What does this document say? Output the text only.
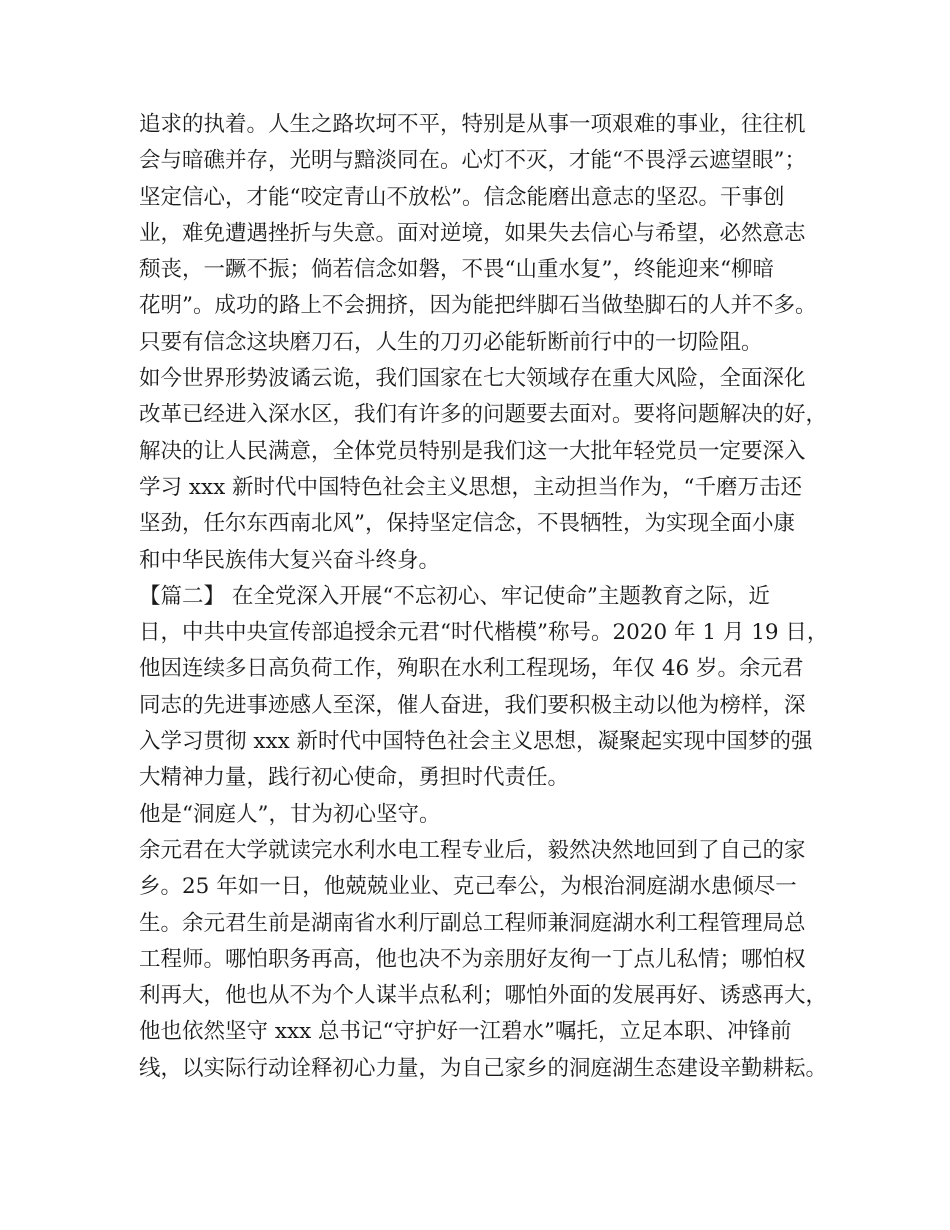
追求的执着。人生之路坎坷不平，特别是从事一项艰难的事业，往往机
会与暗礁并存，光明与黯淡同在。心灯不灭，才能“不畏浮云遮望眼”；
坚定信心，才能“咬定青山不放松”。信念能磨出意志的坚忍。干事创
业，难免遭遇挫折与失意。面对逆境，如果失去信心与希望，必然意志
颓丧，一蹶不振；倘若信念如磐，不畏“山重水复”，终能迎来“柳暗
花明”。成功的路上不会拥挤，因为能把绊脚石当做垫脚石的人并不多。
只要有信念这块磨刀石，人生的刀刃必能斩断前行中的一切险阻。

如今世界形势波谲云诡，我们国家在七大领域存在重大风险，全面深化
改革已经进入深水区，我们有许多的问题要去面对。要将问题解决的好，
解决的让人民满意，全体党员特别是我们这一大批年轻党员一定要深入
学习 xxx 新时代中国特色社会主义思想，主动担当作为，“千磨万击还
坚劲，任尔东西南北风”，保持坚定信念，不畏牺牲，为实现全面小康
和中华民族伟大复兴奋斗终身。

【篇二】 在全党深入开展“不忘初心、牢记使命”主题教育之际，近
日，中共中央宣传部追授余元君“时代楷模”称号。2020 年 1 月 19 日，
他因连续多日高负荷工作，殉职在水利工程现场，年仅 46 岁。余元君
同志的先进事迹感人至深，催人奋进，我们要积极主动以他为榜样，深
入学习贯彻 xxx 新时代中国特色社会主义思想，凝聚起实现中国梦的强
大精神力量，践行初心使命，勇担时代责任。

他是“洞庭人”，甘为初心坚守。

余元君在大学就读完水利水电工程专业后，毅然决然地回到了自己的家
乡。25 年如一日，他兢兢业业、克己奉公，为根治洞庭湖水患倾尽一
生。余元君生前是湖南省水利厅副总工程师兼洞庭湖水利工程管理局总
工程师。哪怕职务再高，他也决不为亲朋好友徇一丁点儿私情；哪怕权
利再大，他也从不为个人谋半点私利；哪怕外面的发展再好、诱惑再大，
他也依然坚守 xxx 总书记“守护好一江碧水”嘱托，立足本职、冲锋前
线，以实际行动诠释初心力量，为自己家乡的洞庭湖生态建设辛勤耕耘。
